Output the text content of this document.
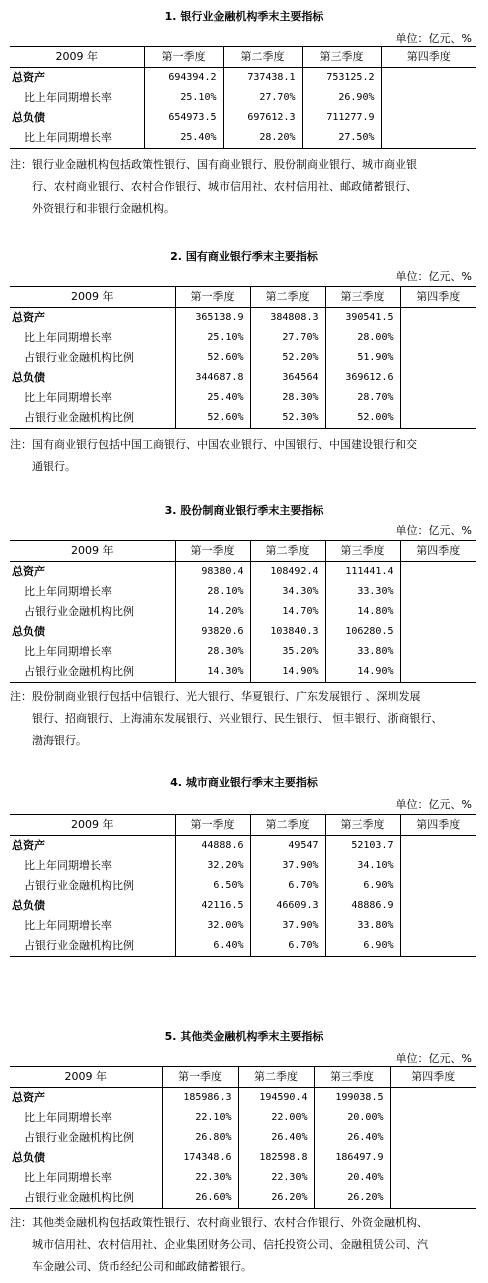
1. 银行业金融机构季末主要指标
单位：亿元、%
2009 年	第一季度	第二季度	第三季度	第四季度
总资产	694394.2	737438.1	753125.2	
比上年同期增长率	25.10%	27.70%	26.90%	
总负债	654973.5	697612.3	711277.9	
比上年同期增长率	25.40%	28.20%	27.50%	
注：银行业金融机构包括政策性银行、国有商业银行、股份制商业银行、城市商业银
　　行、农村商业银行、农村合作银行、城市信用社、农村信用社、邮政储蓄银行、
　　外资银行和非银行金融机构。
2. 国有商业银行季末主要指标
单位：亿元、%
2009 年	第一季度	第二季度	第三季度	第四季度
总资产	365138.9	384808.3	390541.5	
比上年同期增长率	25.10%	27.70%	28.00%	
占银行业金融机构比例	52.60%	52.20%	51.90%	
总负债	344687.8	364564	369612.6	
比上年同期增长率	25.40%	28.30%	28.70%	
占银行业金融机构比例	52.60%	52.30%	52.00%	
注：国有商业银行包括中国工商银行、中国农业银行、中国银行、中国建设银行和交
　　通银行。
3. 股份制商业银行季末主要指标
单位：亿元、%
2009 年	第一季度	第二季度	第三季度	第四季度
总资产	98380.4	108492.4	111441.4	
比上年同期增长率	28.10%	34.30%	33.30%	
占银行业金融机构比例	14.20%	14.70%	14.80%	
总负债	93820.6	103840.3	106280.5	
比上年同期增长率	28.30%	35.20%	33.80%	
占银行业金融机构比例	14.30%	14.90%	14.90%	
注：股份制商业银行包括中信银行、光大银行、华夏银行、广东发展银行 、深圳发展
　　银行、招商银行、上海浦东发展银行、兴业银行、民生银行、 恒丰银行、浙商银行、
　　渤海银行。
4. 城市商业银行季末主要指标
单位：亿元、%
2009 年	第一季度	第二季度	第三季度	第四季度
总资产	44888.6	49547	52103.7	
比上年同期增长率	32.20%	37.90%	34.10%	
占银行业金融机构比例	6.50%	6.70%	6.90%	
总负债	42116.5	46609.3	48886.9	
比上年同期增长率	32.00%	37.90%	33.80%	
占银行业金融机构比例	6.40%	6.70%	6.90%	
5. 其他类金融机构季末主要指标
单位：亿元、%
2009 年	第一季度	第二季度	第三季度	第四季度
总资产	185986.3	194590.4	199038.5	
比上年同期增长率	22.10%	22.00%	20.00%	
占银行业金融机构比例	26.80%	26.40%	26.40%	
总负债	174348.6	182598.8	186497.9	
比上年同期增长率	22.30%	22.30%	20.40%	
占银行业金融机构比例	26.60%	26.20%	26.20%	
注：其他类金融机构包括政策性银行、农村商业银行、农村合作银行、外资金融机构、
　　城市信用社、农村信用社、企业集团财务公司、信托投资公司、金融租赁公司、汽
　　车金融公司、货币经纪公司和邮政储蓄银行。
